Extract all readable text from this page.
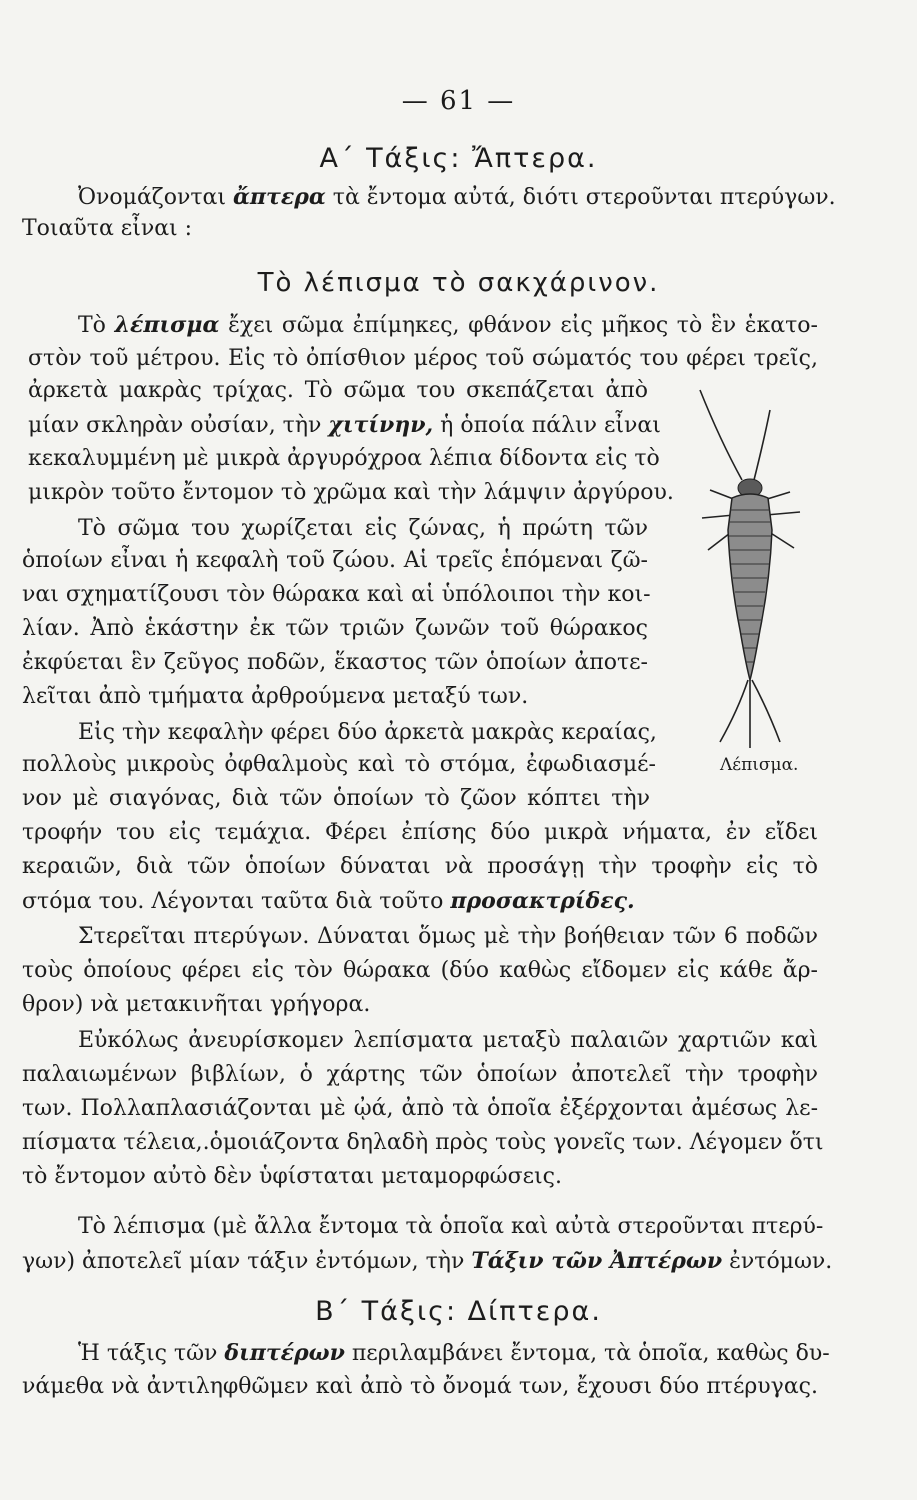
— 61 —
Α΄ Τάξις: Ἄπτερα.
Ὀνομάζονται ἄπτερα τὰ ἔντομα αὐτά, διότι στεροῦνται πτερύγων.
Τοιαῦτα εἶναι :
Τὸ λέπισμα τὸ σακχάρινον.
Τὸ λέπισμα ἔχει σῶμα ἐπίμηκες, φθάνον εἰς μῆκος τὸ ἓν ἑκατο-
στὸν τοῦ μέτρου. Εἰς τὸ ὀπίσθιον μέρος τοῦ σώματός του φέρει τρεῖς,
ἀρκετὰ μακρὰς τρίχας. Τὸ σῶμα του σκεπάζεται ἀπὸ
μίαν σκληρὰν οὐσίαν, τὴν χιτίνην, ἡ ὁποία πάλιν εἶναι
κεκαλυμμένη μὲ μικρὰ ἀργυρόχροα λέπια δίδοντα εἰς τὸ
μικρὸν τοῦτο ἔντομον τὸ χρῶμα καὶ τὴν λάμψιν ἀργύρου.
Τὸ σῶμα του χωρίζεται εἰς ζώνας, ἡ πρώτη τῶν
ὁποίων εἶναι ἡ κεφαλὴ τοῦ ζώου. Αἱ τρεῖς ἑπόμεναι ζῶ-
ναι σχηματίζουσι τὸν θώρακα καὶ αἱ ὑπόλοιποι τὴν κοι-
λίαν. Ἀπὸ ἑκάστην ἐκ τῶν τριῶν ζωνῶν τοῦ θώρακος
ἐκφύεται ἓν ζεῦγος ποδῶν, ἕκαστος τῶν ὁποίων ἀποτε-
λεῖται ἀπὸ τμήματα ἀρθρούμενα μεταξύ των.
Εἰς τὴν κεφαλὴν φέρει δύο ἀρκετὰ μακρὰς κεραίας,
πολλοὺς μικροὺς ὀφθαλμοὺς καὶ τὸ στόμα, ἐφωδιασμέ-
νον μὲ σιαγόνας, διὰ τῶν ὁποίων τὸ ζῶον κόπτει τὴν
τροφήν του εἰς τεμάχια. Φέρει ἐπίσης δύο μικρὰ νήματα, ἐν εἴδει
κεραιῶν, διὰ τῶν ὁποίων δύναται νὰ προσάγῃ τὴν τροφὴν εἰς τὸ
στόμα του. Λέγονται ταῦτα διὰ τοῦτο προσακτρίδες.
Στερεῖται πτερύγων. Δύναται ὅμως μὲ τὴν βοήθειαν τῶν 6 ποδῶν
τοὺς ὁποίους φέρει εἰς τὸν θώρακα (δύο καθὼς εἴδομεν εἰς κάθε ἄρ-
θρον) νὰ μετακινῆται γρήγορα.
Εὐκόλως ἀνευρίσκομεν λεπίσματα μεταξὺ παλαιῶν χαρτιῶν καὶ
παλαιωμένων βιβλίων, ὁ χάρτης τῶν ὁποίων ἀποτελεῖ τὴν τροφὴν
των. Πολλαπλασιάζονται μὲ ᾠά, ἀπὸ τὰ ὁποῖα ἐξέρχονται ἀμέσως λε-
πίσματα τέλεια,.ὁμοιάζοντα δηλαδὴ πρὸς τοὺς γονεῖς των. Λέγομεν ὅτι
τὸ ἔντομον αὐτὸ δὲν ὑφίσταται μεταμορφώσεις.
Τὸ λέπισμα (μὲ ἄλλα ἔντομα τὰ ὁποῖα καὶ αὐτὰ στεροῦνται πτερύ-
γων) ἀποτελεῖ μίαν τάξιν ἐντόμων, τὴν Τάξιν τῶν Ἀπτέρων ἐντόμων.
Β΄ Τάξις: Δίπτερα.
Ἡ τάξις τῶν διπτέρων περιλαμβάνει ἔντομα, τὰ ὁποῖα, καθὼς δυ-
νάμεθα νὰ ἀντιληφθῶμεν καὶ ἀπὸ τὸ ὄνομά των, ἔχουσι δύο πτέρυγας.
Λέπισμα.
